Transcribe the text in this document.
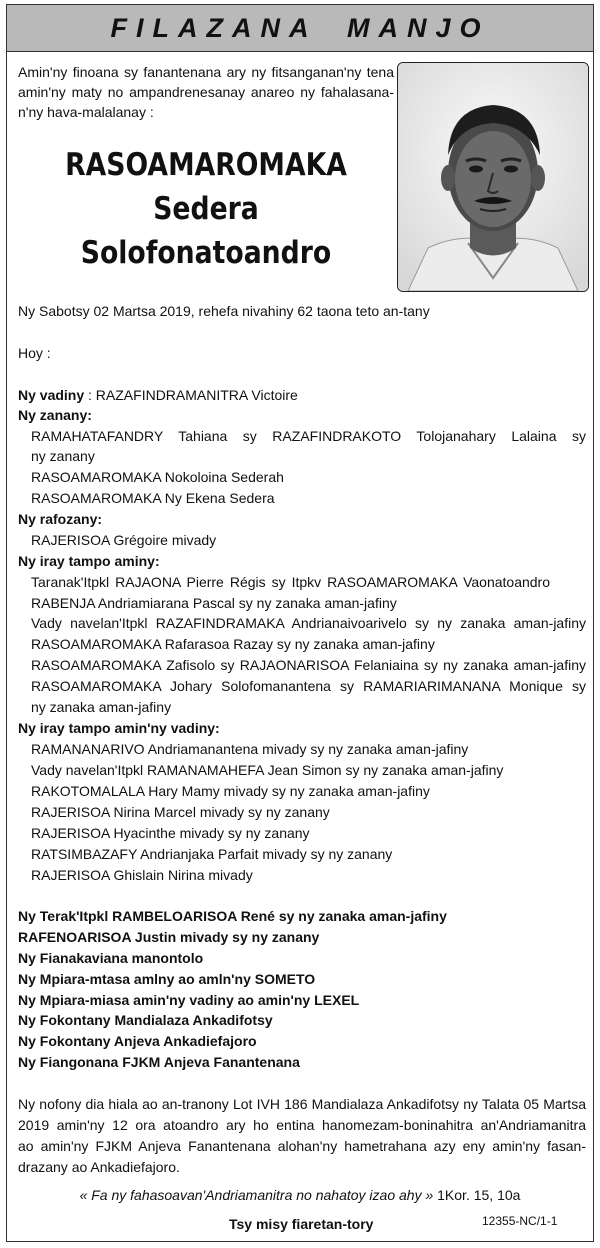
FILAZANA MANJO
Amin'ny finoana sy fanantenana ary ny fitsanganan'ny tena
amin'ny maty no ampandrenesanay anareo ny fahalasana-
n'ny hava-malalanay :
RASOAMAROMAKA
Sedera
Solofonatoandro
Ny Sabotsy 02 Martsa 2019, rehefa nivahiny 62 taona teto an-tany
Hoy :
Ny vadiny : RAZAFINDRAMANITRA Victoire
Ny zanany:
RAMAHATAFANDRY Tahiana sy RAZAFINDRAKOTO Tolojanahary Lalaina sy
ny zanany
RASOAMAROMAKA Nokoloina Sederah
RASOAMAROMAKA Ny Ekena Sedera
Ny rafozany:
RAJERISOA Grégoire mivady
Ny iray tampo aminy:
Taranak'Itpkl RAJAONA Pierre Régis sy Itpkv RASOAMAROMAKA Vaonatoandro
RABENJA Andriamiarana Pascal sy ny zanaka aman-jafiny
Vady navelan'Itpkl RAZAFINDRAMAKA Andrianaivoarivelo sy ny zanaka aman-jafiny
RASOAMAROMAKA Rafarasoa Razay sy ny zanaka aman-jafiny
RASOAMAROMAKA Zafisolo sy RAJAONARISOA Felaniaina sy ny zanaka aman-jafiny
RASOAMAROMAKA Johary Solofomanantena sy RAMARIARIMANANA Monique sy
ny zanaka aman-jafiny
Ny iray tampo amin'ny vadiny:
RAMANANARIVO Andriamanantena mivady sy ny zanaka aman-jafiny
Vady navelan'Itpkl RAMANAMAHEFA Jean Simon sy ny zanaka aman-jafiny
RAKOTOMALALA Hary Mamy mivady sy ny zanaka aman-jafiny
RAJERISOA Nirina Marcel mivady sy ny zanany
RAJERISOA Hyacinthe mivady sy ny zanany
RATSIMBAZAFY Andrianjaka Parfait mivady sy ny zanany
RAJERISOA Ghislain Nirina mivady
Ny Terak'Itpkl RAMBELOARISOA René sy ny zanaka aman-jafiny
RAFENOARISOA Justin mivady sy ny zanany
Ny Fianakaviana manontolo
Ny Mpiara-mtasa amlny ao amln'ny SOMETO
Ny Mpiara-miasa amin'ny vadiny ao amin'ny LEXEL
Ny Fokontany Mandialaza Ankadifotsy
Ny Fokontany Anjeva Ankadiefajoro
Ny Fiangonana FJKM Anjeva Fanantenana
Ny nofony dia hiala ao an-tranony Lot IVH 186 Mandialaza Ankadifotsy ny Talata 05 Martsa
2019 amin'ny 12 ora atoandro ary ho entina hanomezam-boninahitra an'Andriamanitra
ao amin'ny FJKM Anjeva Fanantenana alohan'ny hametrahana azy eny amin'ny fasan-
drazany ao Ankadiefajoro.
« Fa ny fahasoavan'Andriamanitra no nahatoy izao ahy » 1Kor. 15, 10a
Tsy misy fiaretan-tory	12355-NC/1-1
